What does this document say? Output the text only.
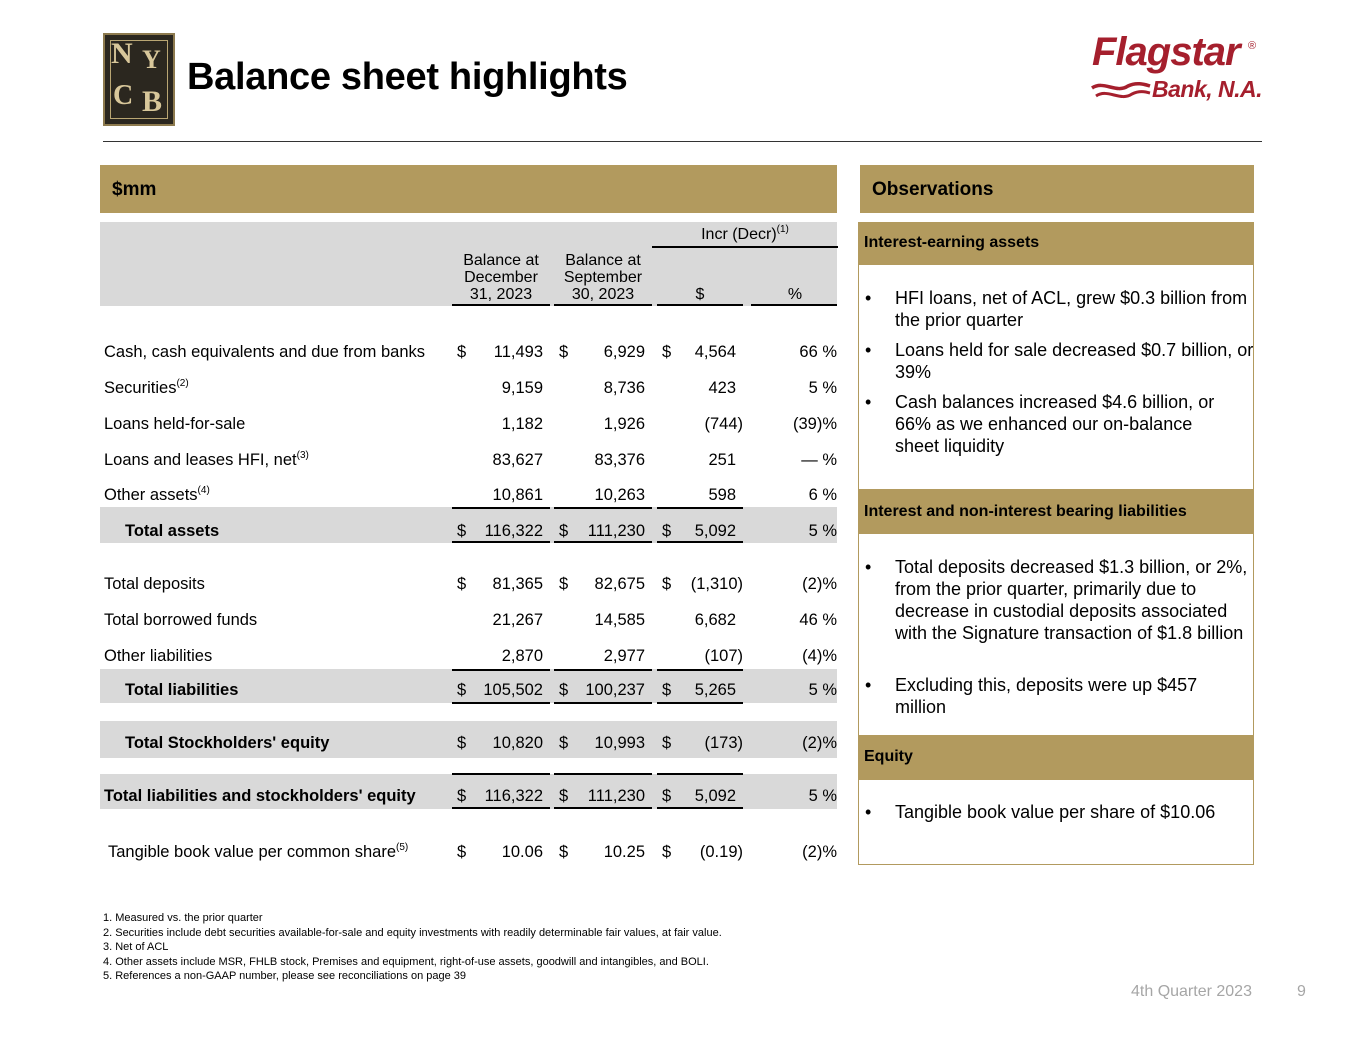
N Y
C B
Balance sheet highlights
Flagstar ®
Bank, N.A.
$mm
Incr (Decr)$^{(1)}$
Balance at
December
31, 2023
Balance at
September
30, 2023	$	%
Cash, cash equivalents and due from banks $	11,493 $	6,929 $	4,564	66 %
Securities$^{(2)}$	9,159	8,736	423	5 %
Loans held-for-sale	1,182	1,926	(744)	(39)%
Loans and leases HFI, net$^{(3)}$	83,627	83,376	251	— %
Other assets$^{(4)}$	10,861	10,263	598	6 %
Total assets	$	116,322 $	111,230 $	5,092	5 %
Total deposits	$	81,365 $	82,675 $	(1,310)	(2)%
Total borrowed funds	21,267	14,585	6,682	46 %
Other liabilities	2,870	2,977	(107)	(4)%
Total liabilities	$	105,502 $	100,237 $	5,265	5 %
Total Stockholders' equity	$	10,820 $	10,993 $	(173)	(2)%
Total liabilities and stockholders' equity	$	116,322 $	111,230 $	5,092	5 %
Tangible book value per common share$^{(5)}$	$	10.06 $	10.25 $	(0.19)	(2)%
Observations
Interest-earning assets
• HFI loans, net of ACL, grew $0.3 billion from the prior quarter
• Loans held for sale decreased $0.7 billion, or 39%
• Cash balances increased $4.6 billion, or 66% as we enhanced our on-balance sheet liquidity
Interest and non-interest bearing liabilities
• Total deposits decreased $1.3 billion, or 2%, from the prior quarter, primarily due to decrease in custodial deposits associated with the Signature transaction of $1.8 billion
• Excluding this, deposits were up $457 million
Equity
• Tangible book value per share of $10.06
1. Measured vs. the prior quarter
2. Securities include debt securities available-for-sale and equity investments with readily determinable fair values, at fair value.
3. Net of ACL
4. Other assets include MSR, FHLB stock, Premises and equipment, right-of-use assets, goodwill and intangibles, and BOLI.
5. References a non-GAAP number, please see reconciliations on page 39
4th Quarter 2023	9
